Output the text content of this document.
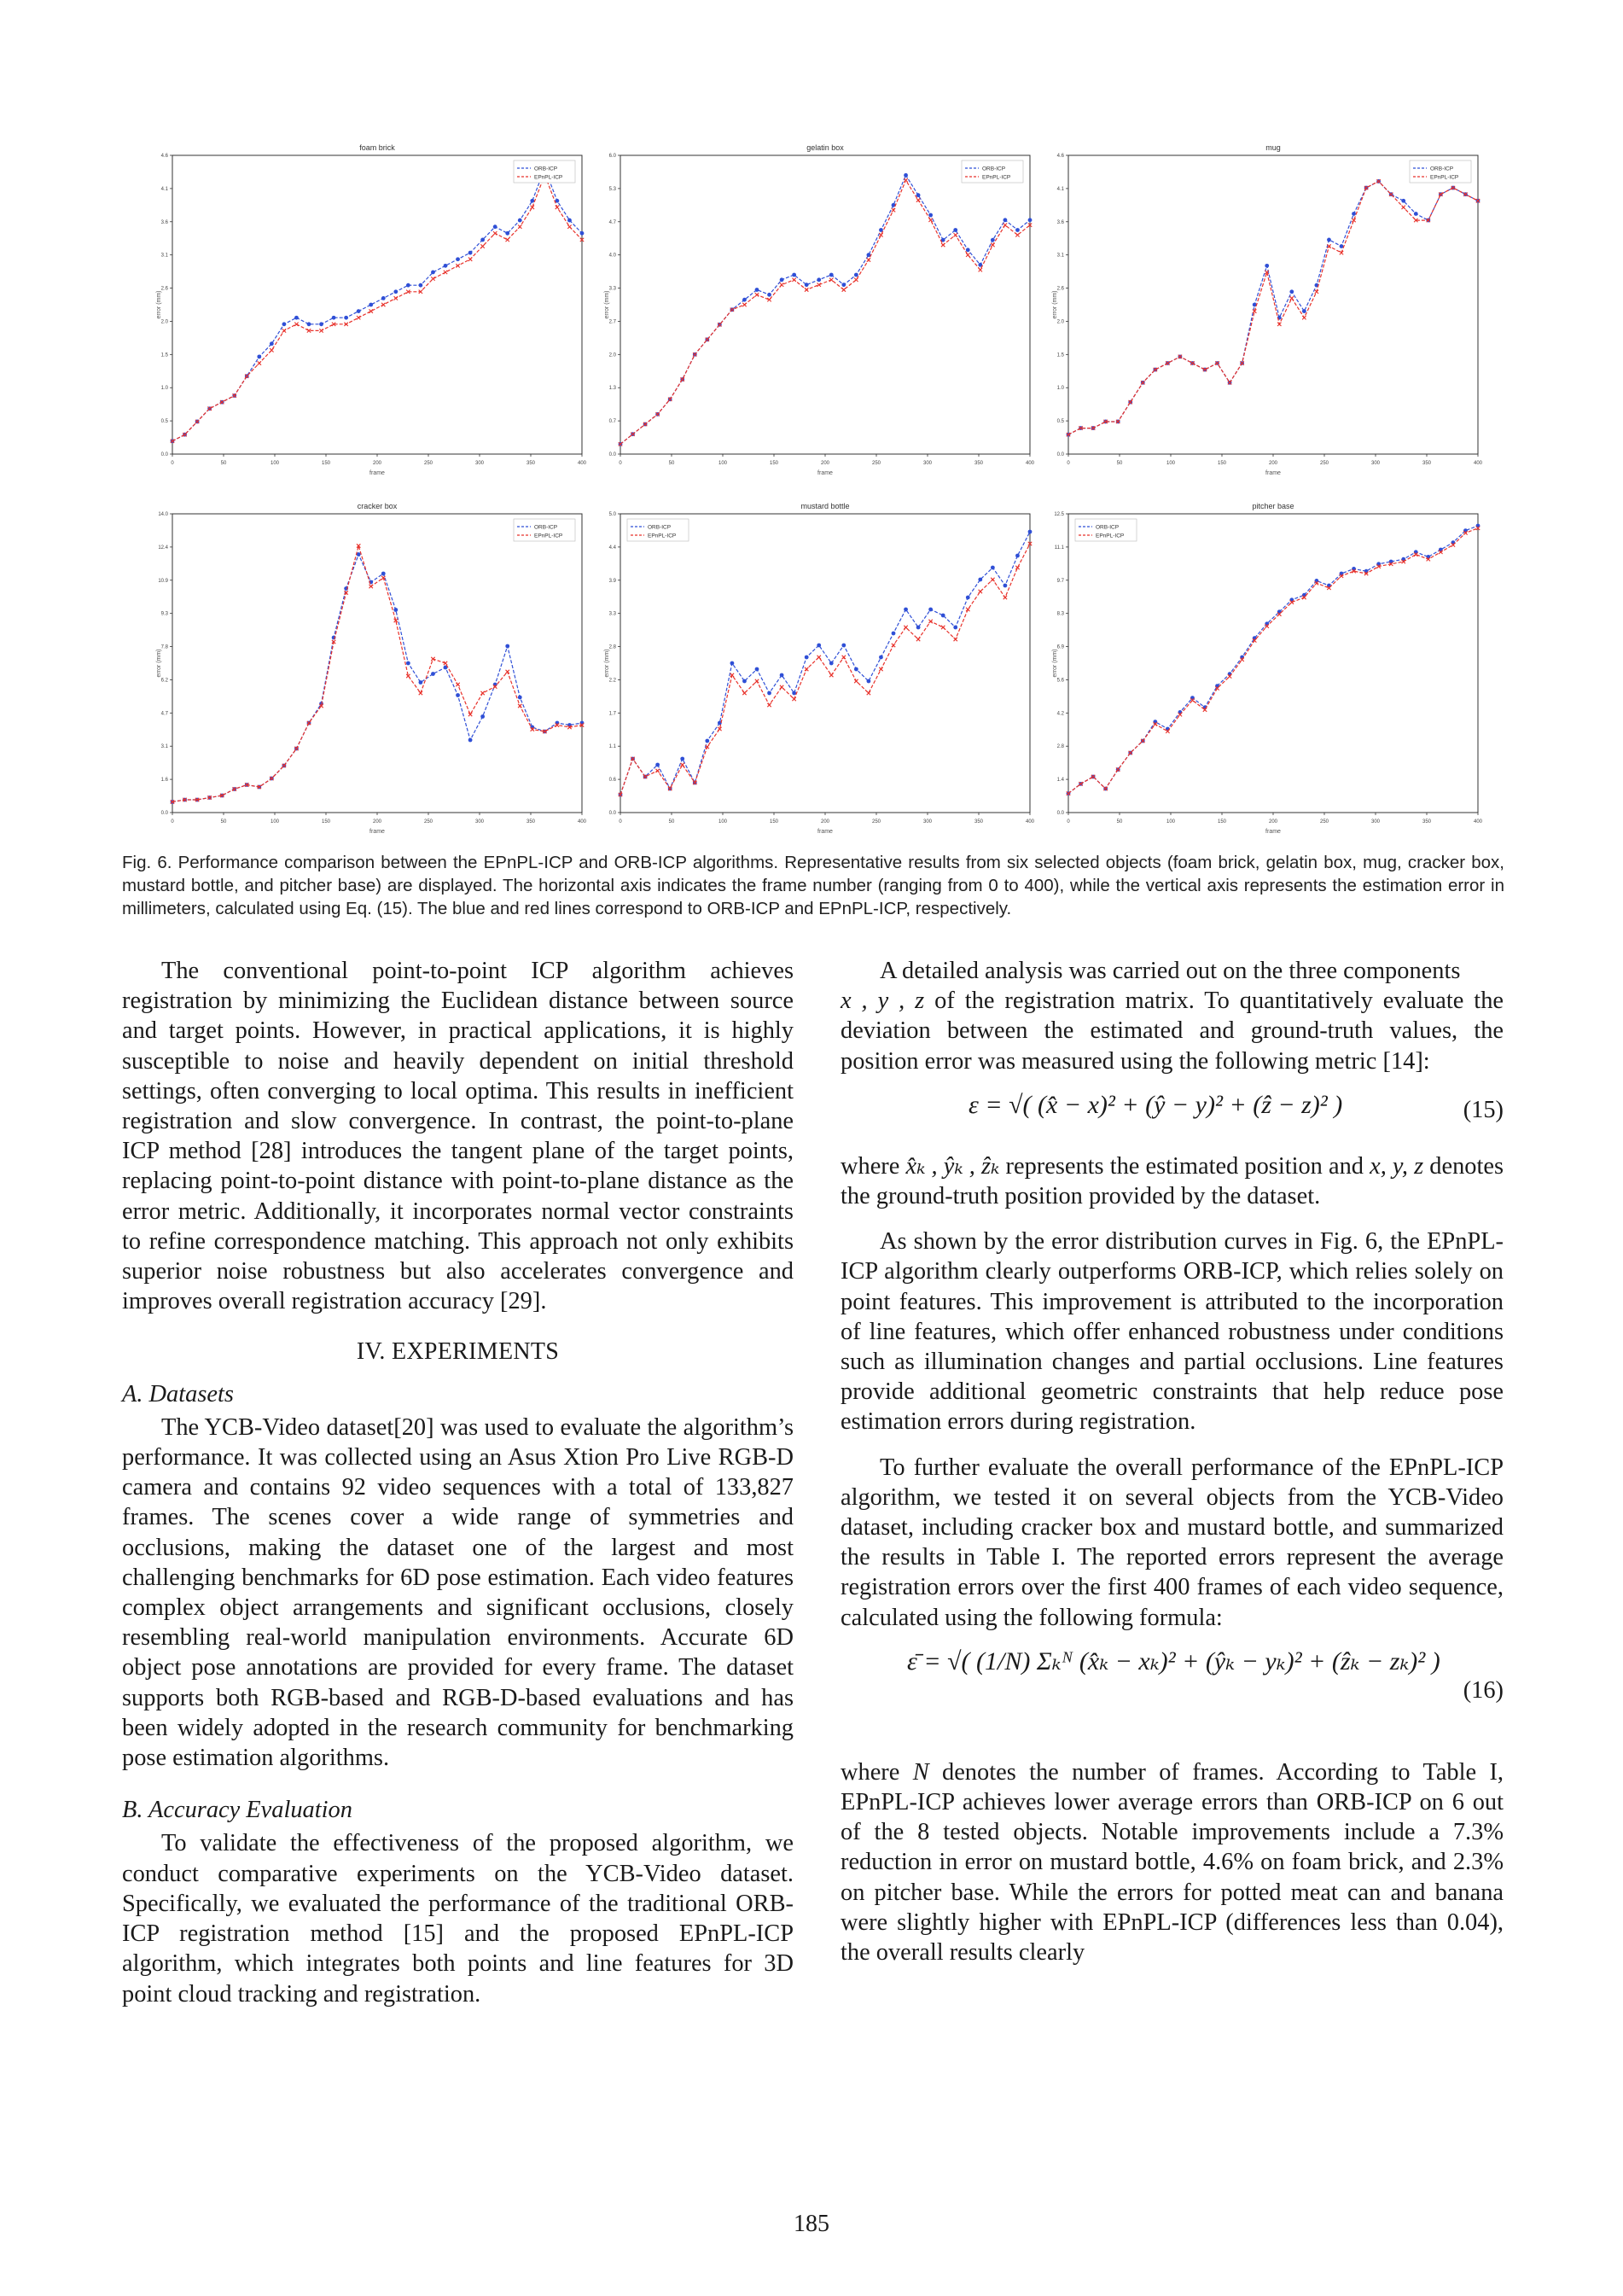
foam brick
frame
error (mm)
0	50	100	150	200	250	300	350	400
0.0
0.5
1.0
1.5
2.0
2.6
3.1
3.6
4.1
4.6
ORB-ICP
EPnPL-ICP
gelatin box
frame
error (mm)
0	50	100	150	200	250	300	350	400
0.0
0.7
1.3
2.0
2.7
3.3
4.0
4.7
5.3
6.0
ORB-ICP
EPnPL-ICP
mug
frame
error (mm)
0	50	100	150	200	250	300	350	400
0.0
0.5
1.0
1.5
2.0
2.6
3.1
3.6
4.1
4.6
ORB-ICP
EPnPL-ICP
cracker box
frame
error (mm)
0	50	100	150	200	250	300	350	400
0.0
1.6
3.1
4.7
6.2
7.8
9.3
10.9
12.4
14.0
ORB-ICP
EPnPL-ICP
mustard bottle
frame
error (mm)
0	50	100	150	200	250	300	350	400
0.0
0.6
1.1
1.7
2.2
2.8
3.3
3.9
4.4
5.0
ORB-ICP
EPnPL-ICP
pitcher base
frame
error (mm)
0	50	100	150	200	250	300	350	400
0.0
1.4
2.8
4.2
5.6
6.9
8.3
9.7
11.1
12.5
ORB-ICP
EPnPL-ICP
Fig. 6. Performance comparison between the EPnPL-ICP and ORB-ICP algorithms. Representative results from six selected objects (foam brick, gelatin box, mug, cracker box, mustard bottle, and pitcher base) are displayed. The horizontal axis indicates the frame number (ranging from 0 to 400), while the vertical axis represents the estimation error in millimeters, calculated using Eq. (15). The blue and red lines correspond to ORB-ICP and EPnPL-ICP, respectively.

The conventional point-to-point ICP algorithm achieves registration by minimizing the Euclidean distance between source and target points. However, in practical applications, it is highly susceptible to noise and heavily dependent on initial threshold settings, often converging to local optima. This results in inefficient registration and slow convergence. In contrast, the point-to-plane ICP method [28] introduces the tangent plane of the target points, replacing point-to-point distance with point-to-plane distance as the error metric. Additionally, it incorporates normal vector constraints to refine correspondence matching. This approach not only exhibits superior noise robustness but also accelerates convergence and improves overall registration accuracy [29].

IV. EXPERIMENTS
A. Datasets

The YCB-Video dataset[20] was used to evaluate the algorithm’s performance. It was collected using an Asus Xtion Pro Live RGB-D camera and contains 92 video sequences with a total of 133,827 frames. The scenes cover a wide range of symmetries and occlusions, making the dataset one of the largest and most challenging benchmarks for 6D pose estimation. Each video features complex object arrangements and significant occlusions, closely resembling real-world manipulation environments. Accurate 6D object pose annotations are provided for every frame. The dataset supports both RGB-based and RGB-D-based evaluations and has been widely adopted in the research community for benchmarking pose estimation algorithms.

B. Accuracy Evaluation

To validate the effectiveness of the proposed algorithm, we conduct comparative experiments on the YCB-Video dataset. Specifically, we evaluated the performance of the traditional ORB-ICP registration method [15] and the proposed EPnPL-ICP algorithm, which integrates both points and line features for 3D point cloud tracking and registration.

A detailed analysis was carried out on the three components
x , y , z of the registration matrix. To quantitatively evaluate the deviation between the estimated and ground-truth values, the position error was measured using the following metric [14]:

ε = √( (x̂ − x)² + (ŷ − y)² + (ẑ − z)² )	(15)

where x̂ₖ , ŷₖ , ẑₖ represents the estimated position and x, y, z denotes the ground-truth position provided by the dataset.

As shown by the error distribution curves in Fig. 6, the EPnPL-ICP algorithm clearly outperforms ORB-ICP, which relies solely on point features. This improvement is attributed to the incorporation of line features, which offer enhanced robustness under conditions such as illumination changes and partial occlusions. Line features provide additional geometric constraints that help reduce pose estimation errors during registration.

To further evaluate the overall performance of the EPnPL-ICP algorithm, we tested it on several objects from the YCB-Video dataset, including cracker box and mustard bottle, and summarized the results in Table I. The reported errors represent the average registration errors over the first 400 frames of each video sequence, calculated using the following formula:

ε̄ = √( (1/N) Σₖᴺ (x̂ₖ − xₖ)² + (ŷₖ − yₖ)² + (ẑₖ − zₖ)² )
(16)

where N denotes the number of frames. According to Table I, EPnPL-ICP achieves lower average errors than ORB-ICP on 6 out of the 8 tested objects. Notable improvements include a 7.3% reduction in error on mustard bottle, 4.6% on foam brick, and 2.3% on pitcher base. While the errors for potted meat can and banana were slightly higher with EPnPL-ICP (differences less than 0.04), the overall results clearly

185
